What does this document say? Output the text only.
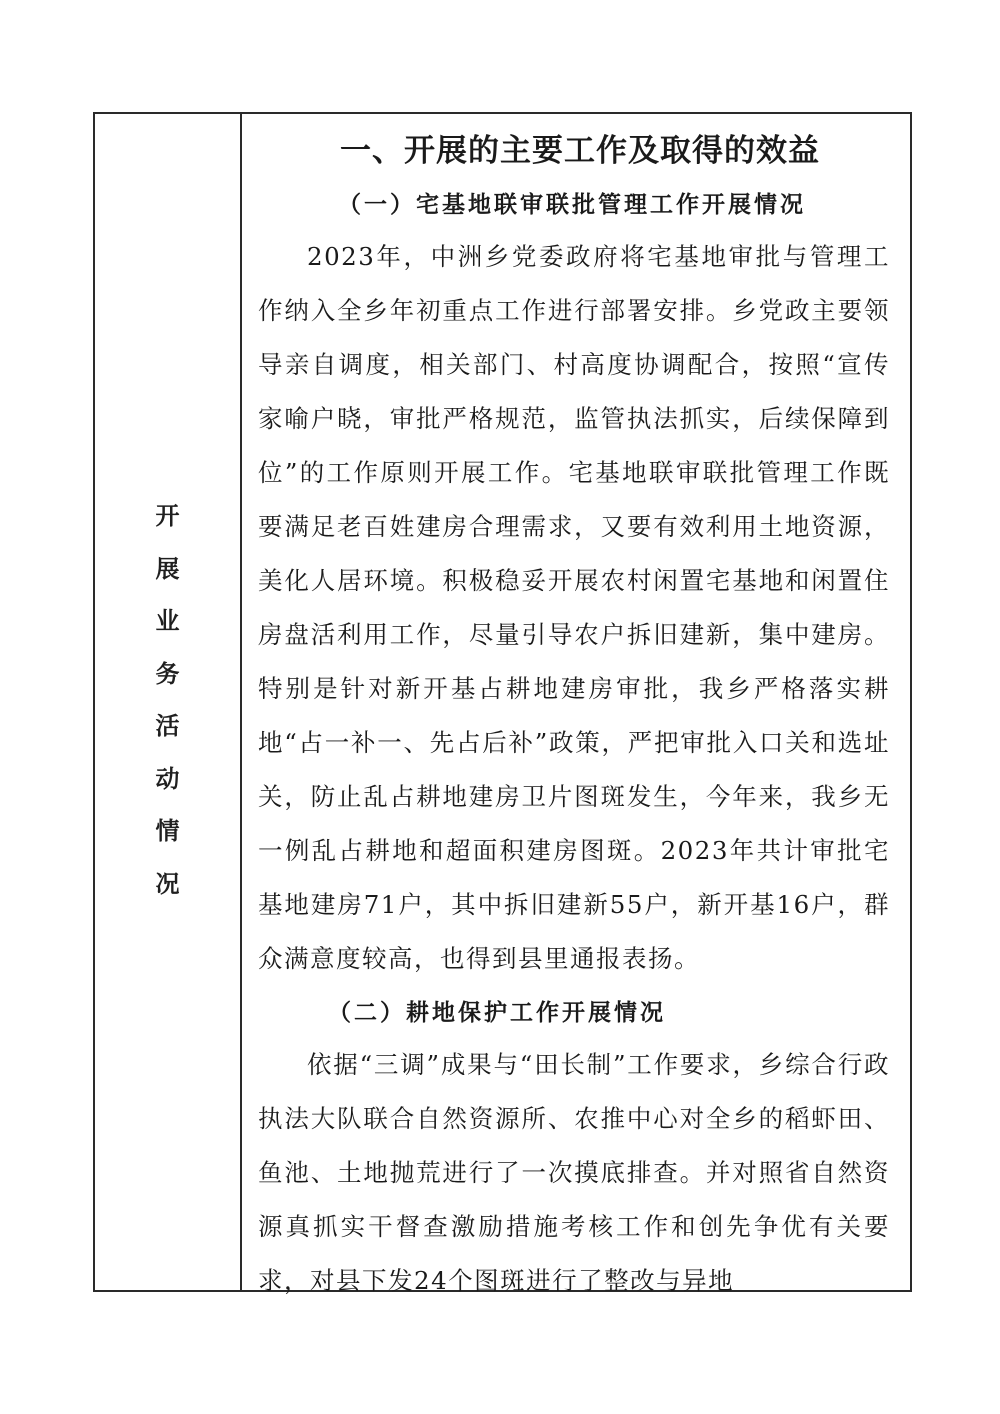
开
展
业
务
活
动
情
况
一、开展的主要工作及取得的效益
（一）宅基地联审联批管理工作开展情况

2023年，中洲乡党委政府将宅基地审批与管理工作纳入全乡年初重点工作进行部署安排。乡党政主要领导亲自调度，相关部门、村高度协调配合，按照“宣传家喻户晓，审批严格规范，监管执法抓实，后续保障到位”的工作原则开展工作。宅基地联审联批管理工作既要满足老百姓建房合理需求，又要有效利用土地资源，美化人居环境。积极稳妥开展农村闲置宅基地和闲置住房盘活利用工作，尽量引导农户拆旧建新，集中建房。特别是针对新开基占耕地建房审批，我乡严格落实耕地“占一补一、先占后补”政策，严把审批入口关和选址关，防止乱占耕地建房卫片图斑发生，今年来，我乡无一例乱占耕地和超面积建房图斑。2023年共计审批宅基地建房71户，其中拆旧建新55户，新开基16户，群众满意度较高，也得到县里通报表扬。

（二）耕地保护工作开展情况

依据“三调”成果与“田长制”工作要求，乡综合行政执法大队联合自然资源所、农推中心对全乡的稻虾田、鱼池、土地抛荒进行了一次摸底排查。并对照省自然资源真抓实干督查激励措施考核工作和创先争优有关要求，对县下发24个图斑进行了整改与异地
